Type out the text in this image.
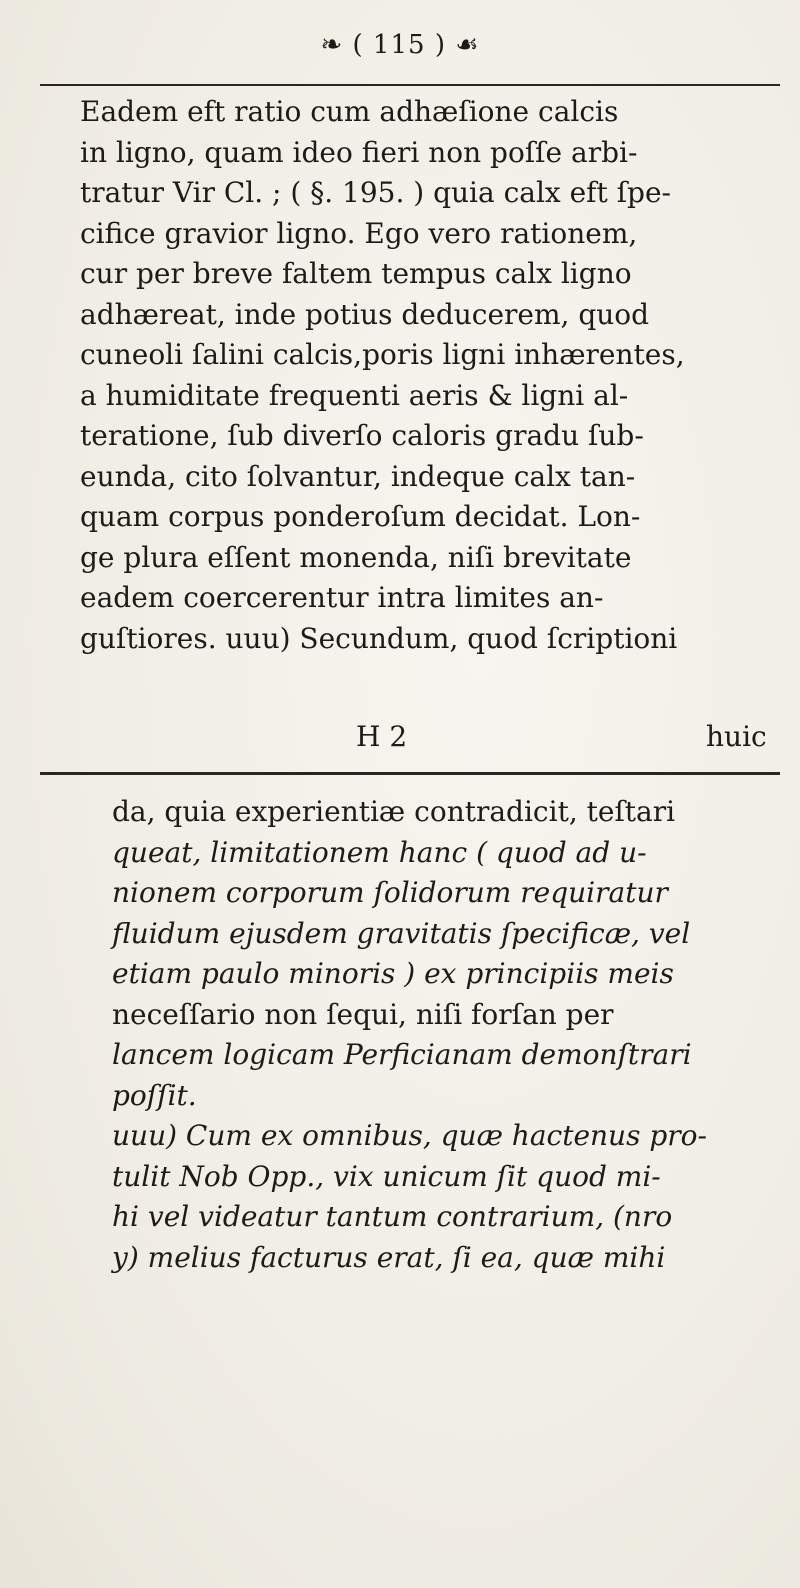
❧ ( 115 ) ☙
Eadem eft ratio cum adhæſione calcis
in ligno, quam ideo fieri non poſſe arbi-
tratur Vir Cl. ; ( §. 195. ) quia calx eft ſpe-
cifice gravior ligno. Ego vero rationem,
cur per breve faltem tempus calx ligno
adhæreat, inde potius deducerem, quod
cuneoli ſalini calcis,poris ligni inhærentes,
a humiditate frequenti aeris & ligni al-
teratione, ſub diverſo caloris gradu ſub-
eunda, cito ſolvantur, indeque calx tan-
quam corpus ponderoſum decidat. Lon-
ge plura eſſent monenda, niſi brevitate
eadem coercerentur intra limites an-
guſtiores. uuu) Secundum, quod ſcriptioni
H 2	huic
da, quia experientiæ contradicit, teſtari
queat, limitationem hanc ( quod ad u-
nionem corporum ſolidorum requiratur
fluidum ejusdem gravitatis ſpecificæ, vel
etiam paulo minoris ) ex principiis meis
neceſſario non ſequi, niſi forſan per
lancem logicam Perficianam demonſtrari
poſſit.
uuu) Cum ex omnibus, quæ hactenus pro-
tulit Nob Opp., vix unicum ſit quod mi-
hi vel videatur tantum contrarium, (nro
y) melius facturus erat, ſi ea, quæ mihi
